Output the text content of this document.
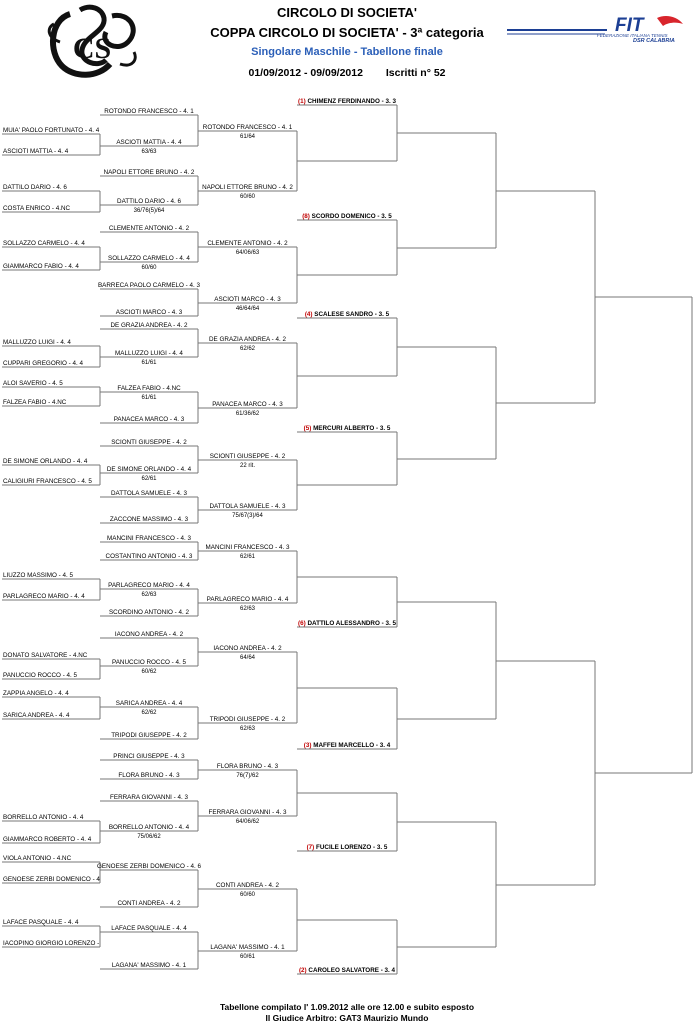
CIRCOLO DI SOCIETA'
COPPA CIRCOLO DI SOCIETA' - 3ª categoria
Singolare Maschile - Tabellone finale
01/09/2012 - 09/09/2012 Iscritti n° 52
CS
FIT
FEDERAZIONE ITALIANA TENNIS
DSR CALABRIA
MUIA' PAOLO FORTUNATO - 4. 4
ASCIOTI MATTIA - 4. 4
DATTILO DARIO - 4. 6
COSTA ENRICO - 4.NC
SOLLAZZO CARMELO - 4. 4
GIAMMARCO FABIO - 4. 4
MALLUZZO LUIGI - 4. 4
CUPPARI GREGORIO - 4. 4
ALOI SAVERIO - 4. 5
FALZEA FABIO - 4.NC
DE SIMONE ORLANDO - 4. 4
CALIGIURI FRANCESCO - 4. 5
LIUZZO MASSIMO - 4. 5
PARLAGRECO MARIO - 4. 4
DONATO SALVATORE - 4.NC
PANUCCIO ROCCO - 4. 5
ZAPPIA ANGELO - 4. 4
SARICA ANDREA - 4. 4
BORRELLO ANTONIO - 4. 4
GIAMMARCO ROBERTO - 4. 4
VIOLA ANTONIO - 4.NC
GENOESE ZERBI DOMENICO - 4
LAFACE PASQUALE - 4. 4
IACOPINO GIORGIO LORENZO -
ROTONDO FRANCESCO - 4. 1
ASCIOTI MATTIA - 4. 4
NAPOLI ETTORE BRUNO - 4. 2
DATTILO DARIO - 4. 6
CLEMENTE ANTONIO - 4. 2
SOLLAZZO CARMELO - 4. 4
BARRECA PAOLO CARMELO - 4. 3
ASCIOTI MARCO - 4. 3
DE GRAZIA ANDREA - 4. 2
MALLUZZO LUIGI - 4. 4
FALZEA FABIO - 4.NC
PANACEA MARCO - 4. 3
SCIONTI GIUSEPPE - 4. 2
DE SIMONE ORLANDO - 4. 4
DATTOLA SAMUELE - 4. 3
ZACCONE MASSIMO - 4. 3
MANCINI FRANCESCO - 4. 3
COSTANTINO ANTONIO - 4. 3
PARLAGRECO MARIO - 4. 4
SCORDINO ANTONIO - 4. 2
IACONO ANDREA - 4. 2
PANUCCIO ROCCO - 4. 5
SARICA ANDREA - 4. 4
TRIPODI GIUSEPPE - 4. 2
PRINCI GIUSEPPE - 4. 3
FLORA BRUNO - 4. 3
FERRARA GIOVANNI - 4. 3
BORRELLO ANTONIO - 4. 4
GENOESE ZERBI DOMENICO - 4. 6
CONTI ANDREA - 4. 2
LAFACE PASQUALE - 4. 4
LAGANA' MASSIMO - 4. 1
63/63
36/76(5)/64
60/60
61/61
61/61
62/61
62/63
60/62
62/62
75/06/62
ROTONDO FRANCESCO - 4. 1
61/64
NAPOLI ETTORE BRUNO - 4. 2
60/60
CLEMENTE ANTONIO - 4. 2
64/06/63
ASCIOTI MARCO - 4. 3
46/64/64
DE GRAZIA ANDREA - 4. 2
62/62
PANACEA MARCO - 4. 3
61/36/62
SCIONTI GIUSEPPE - 4. 2
22 rit.
DATTOLA SAMUELE - 4. 3
75/67(3)/64
MANCINI FRANCESCO - 4. 3
62/61
PARLAGRECO MARIO - 4. 4
62/63
IACONO ANDREA - 4. 2
64/64
TRIPODI GIUSEPPE - 4. 2
62/63
FLORA BRUNO - 4. 3
76(7)/62
FERRARA GIOVANNI - 4. 3
64/06/62
CONTI ANDREA - 4. 2
60/60
LAGANA' MASSIMO - 4. 1
60/61
(1) CHIMENZ FERDINANDO - 3. 3
(8) SCORDO DOMENICO - 3. 5
(4) SCALESE SANDRO - 3. 5
(5) MERCURI ALBERTO - 3. 5
(6) DATTILO ALESSANDRO - 3. 5
(3) MAFFEI MARCELLO - 3. 4
(7) FUCILE LORENZO - 3. 5
(2) CAROLEO SALVATORE - 3. 4
Tabellone compilato l' 1.09.2012 alle ore 12.00 e subito esposto
Il Giudice Arbitro: GAT3 Maurizio Mundo
